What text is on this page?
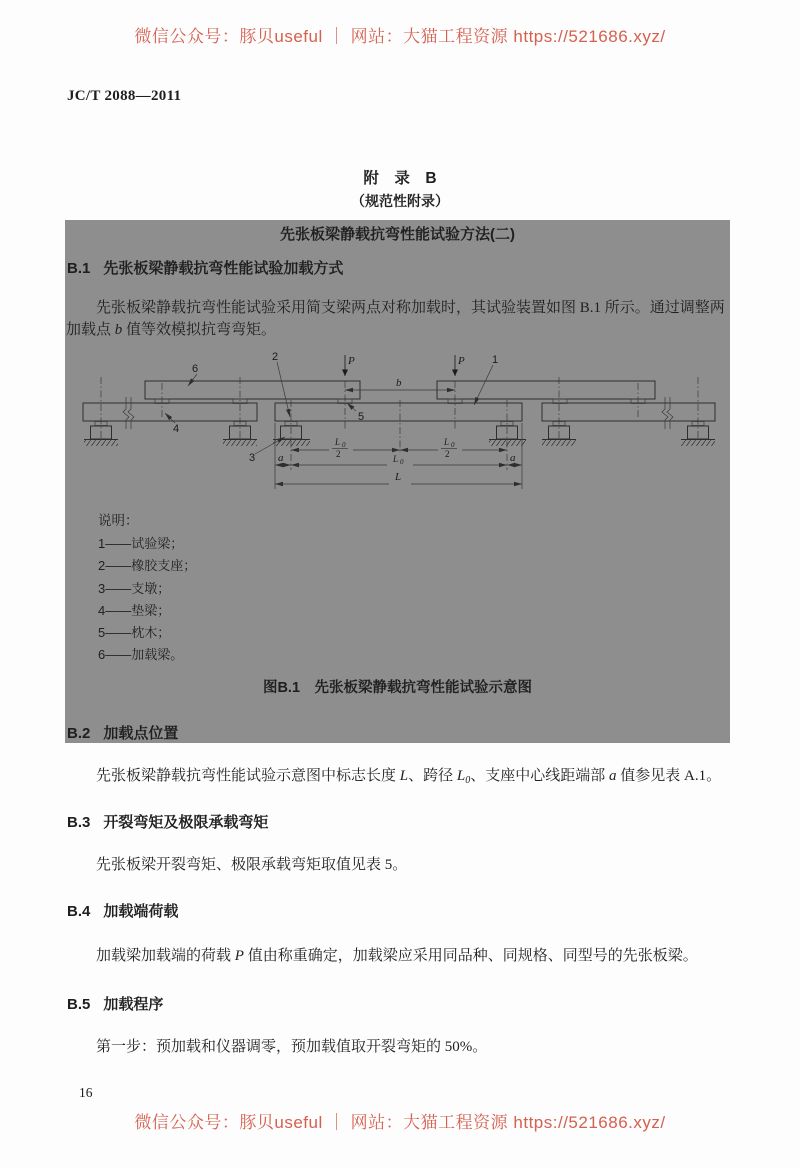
微信公众号：豚贝useful ｜ 网站：大猫工程资源 https://521686.xyz/
JC/T 2088—2011
附　录　B
（规范性附录）
先张板梁静载抗弯性能试验方法(二)
B.1 先张板梁静载抗弯性能试验加载方式
先张板梁静载抗弯性能试验采用简支梁两点对称加载时，其试验装置如图 B.1 所示。通过调整两加载点 b 值等效模拟抗弯弯矩。
P	P
b
6
2	1
5
4
3
L 0
2
L 0
2
a	L 0	a
L
说明：
1——试验梁；
2——橡胶支座；
3——支墩；
4——垫梁；
5——枕木；
6——加载梁。
图B.1　先张板梁静载抗弯性能试验示意图
B.2 加载点位置
先张板梁静载抗弯性能试验示意图中标志长度 L、跨径 $L_0$、支座中心线距端部 a 值参见表 A.1。
B.3 开裂弯矩及极限承载弯矩
先张板梁开裂弯矩、极限承载弯矩取值见表 5。
B.4 加载端荷载
加载梁加载端的荷载 P 值由称重确定，加载梁应采用同品种、同规格、同型号的先张板梁。
B.5 加载程序
第一步：预加载和仪器调零，预加载值取开裂弯矩的 50%。
16
微信公众号：豚贝useful ｜ 网站：大猫工程资源 https://521686.xyz/
